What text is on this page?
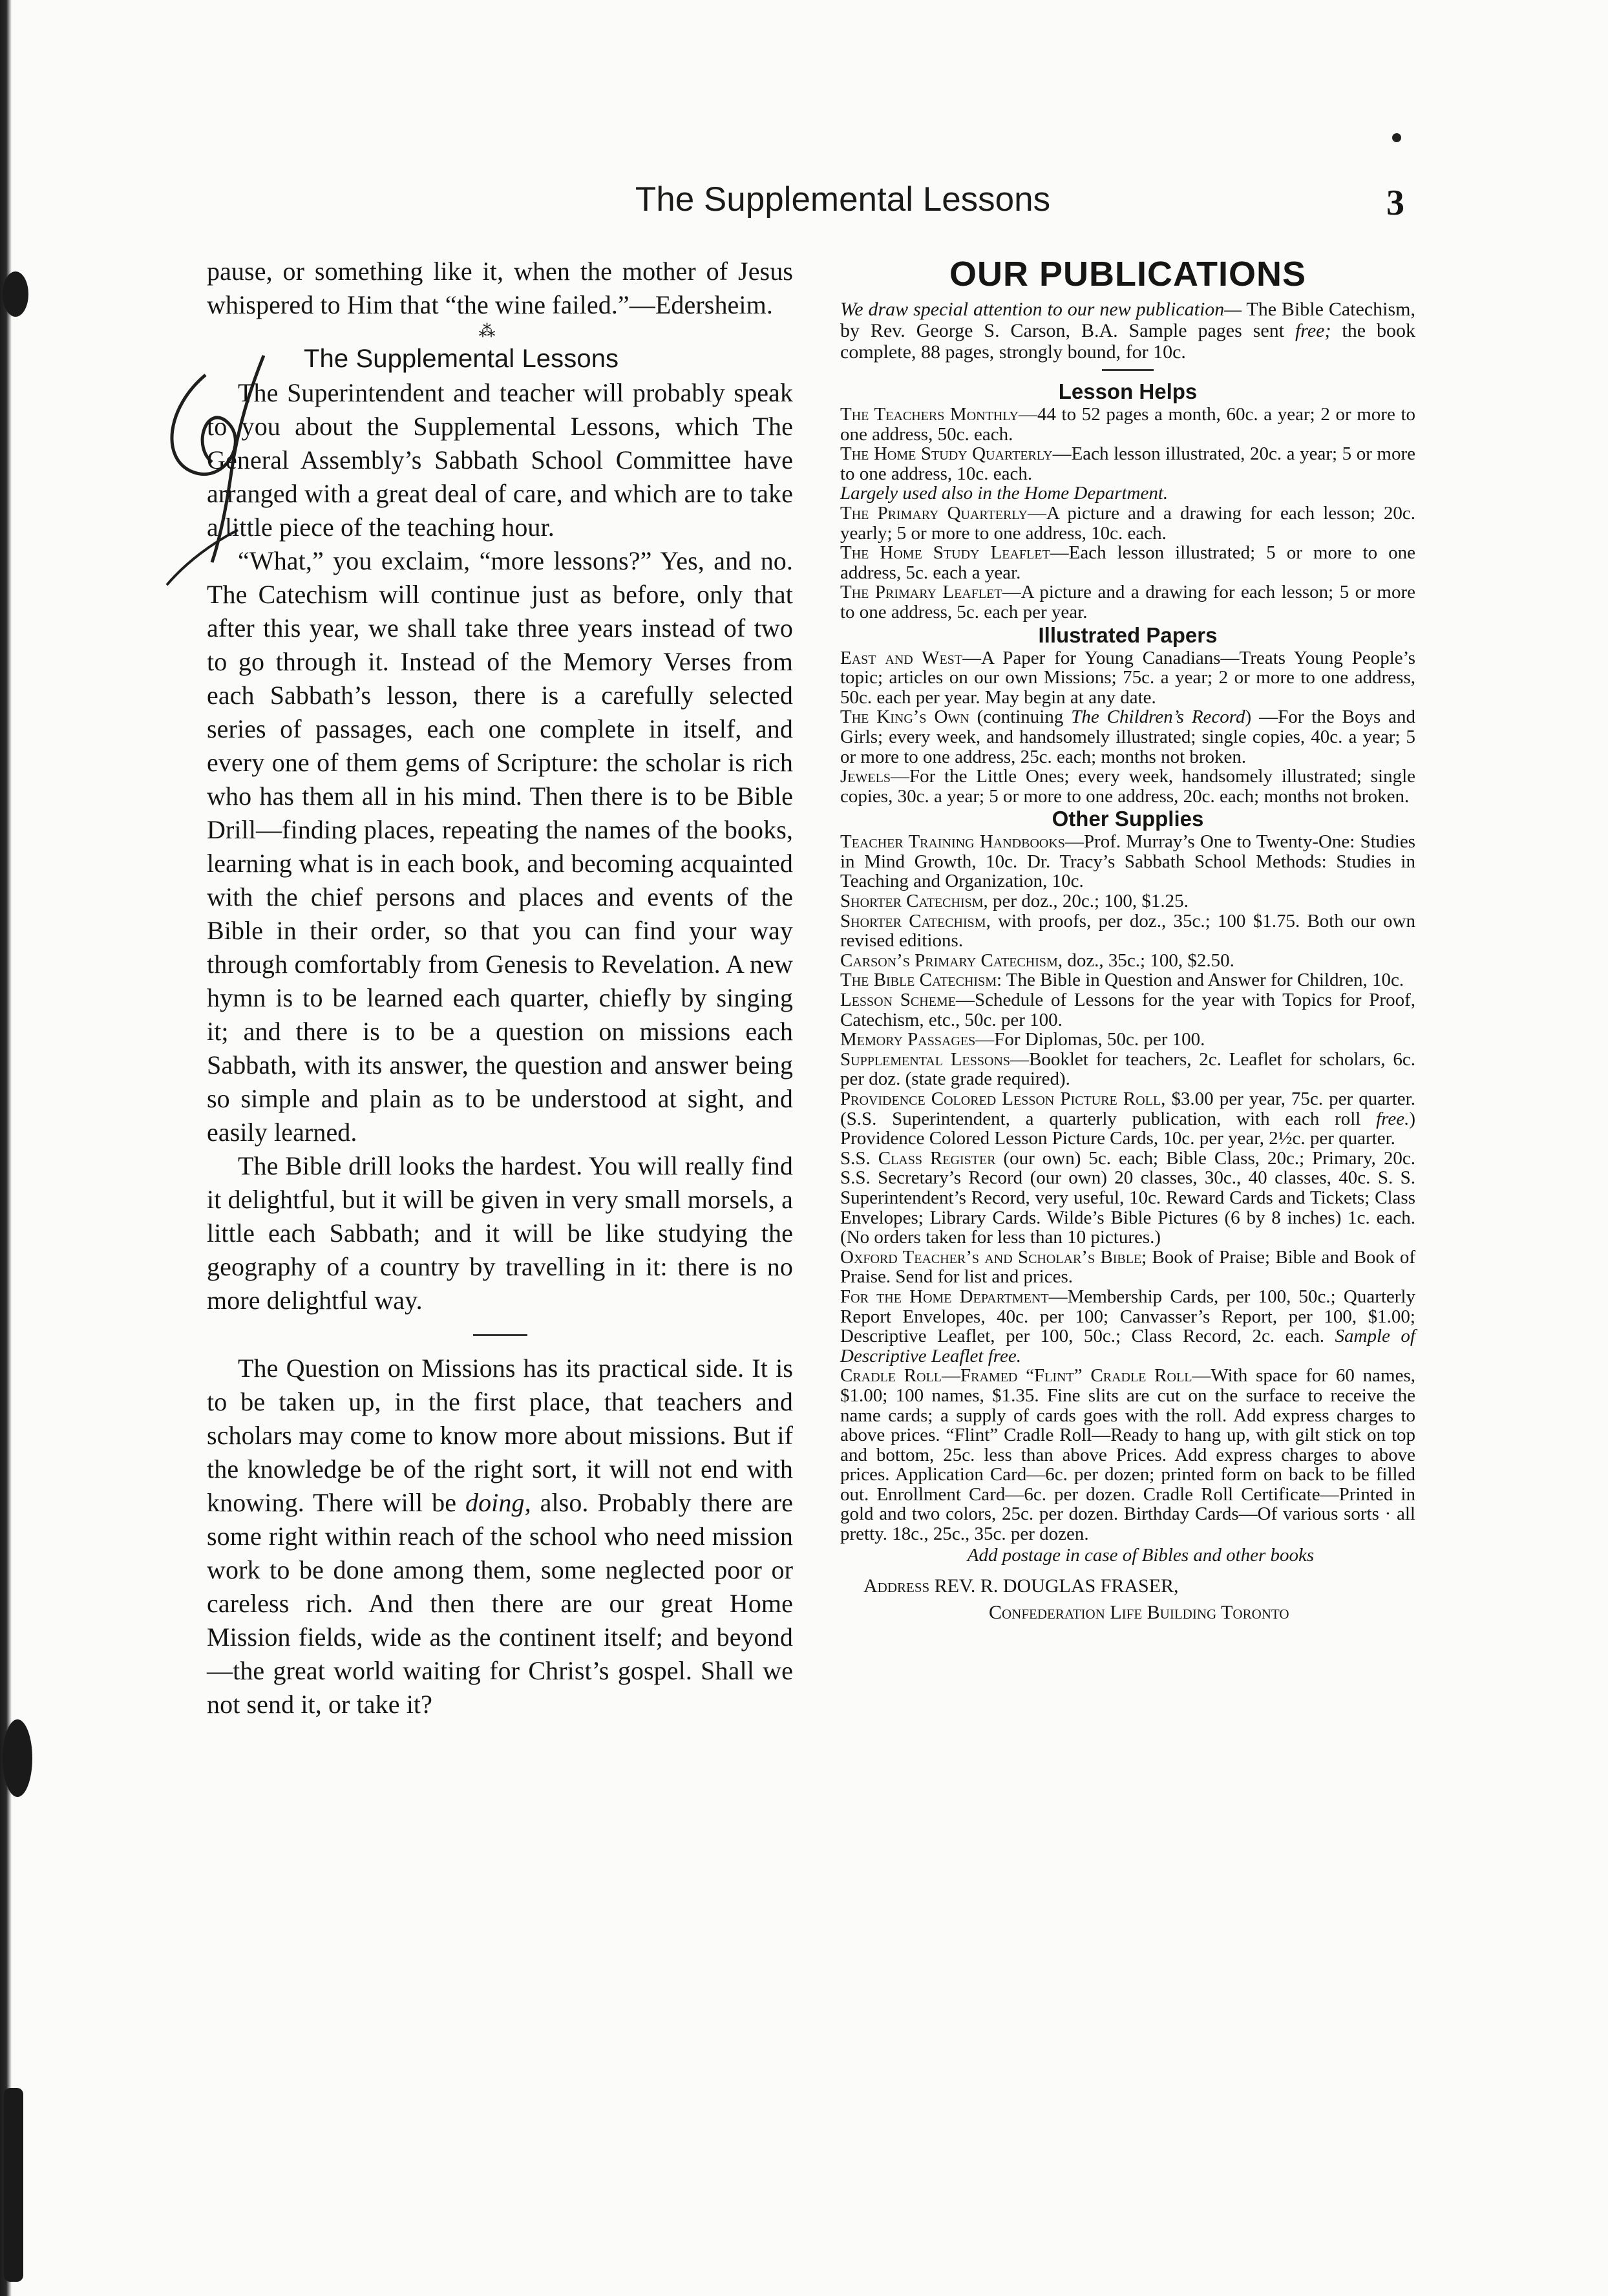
The Supplemental Lessons	3

pause, or something like it, when the mother of Jesus whispered to Him that “the wine failed.”—Edersheim.

⁂
The Supplemental Lessons

The Superintendent and teacher will probably speak to you about the Supplemental Lessons, which The General Assembly’s Sabbath School Committee have arranged with a great deal of care, and which are to take a little piece of the teaching hour.

“What,” you exclaim, “more lessons?” Yes, and no. The Catechism will continue just as before, only that after this year, we shall take three years instead of two to go through it. Instead of the Memory Verses from each Sabbath’s lesson, there is a carefully selected series of passages, each one complete in itself, and every one of them gems of Scripture: the scholar is rich who has them all in his mind. Then there is to be Bible Drill—finding places, repeating the names of the books, learning what is in each book, and becoming acquainted with the chief persons and places and events of the Bible in their order, so that you can find your way through comfortably from Genesis to Revelation. A new hymn is to be learned each quarter, chiefly by singing it; and there is to be a question on missions each Sabbath, with its answer, the question and answer being so simple and plain as to be understood at sight, and easily learned.

The Bible drill looks the hardest. You will really find it delightful, but it will be given in very small morsels, a little each Sabbath; and it will be like studying the geography of a country by travelling in it: there is no more delightful way.

The Question on Missions has its practical side. It is to be taken up, in the first place, that teachers and scholars may come to know more about missions. But if the knowledge be of the right sort, it will not end with knowing. There will be doing, also. Probably there are some right within reach of the school who need mission work to be done among them, some neglected poor or careless rich. And then there are our great Home Mission fields, wide as the continent itself; and beyond—the great world waiting for Christ’s gospel. Shall we not send it, or take it?

OUR PUBLICATIONS
We draw special attention to our new publication— The Bible Catechism, by Rev. George S. Carson, B.A. Sample pages sent free; the book complete, 88 pages, strongly bound, for 10c.
Lesson Helps
The Teachers Monthly—44 to 52 pages a month, 60c. a year; 2 or more to one address, 50c. each.
The Home Study Quarterly—Each lesson illustrated, 20c. a year; 5 or more to one address, 10c. each.
Largely used also in the Home Department.
The Primary Quarterly—A picture and a drawing for each lesson; 20c. yearly; 5 or more to one address, 10c. each.
The Home Study Leaflet—Each lesson illustrated; 5 or more to one address, 5c. each a year.
The Primary Leaflet—A picture and a drawing for each lesson; 5 or more to one address, 5c. each per year.
Illustrated Papers
East and West—A Paper for Young Canadians—Treats Young People’s topic; articles on our own Missions; 75c. a year; 2 or more to one address, 50c. each per year. May begin at any date.
The King’s Own (continuing The Children’s Record) —For the Boys and Girls; every week, and handsomely illustrated; single copies, 40c. a year; 5 or more to one address, 25c. each; months not broken.
Jewels—For the Little Ones; every week, handsomely illustrated; single copies, 30c. a year; 5 or more to one address, 20c. each; months not broken.
Other Supplies
Teacher Training Handbooks—Prof. Murray’s One to Twenty-One: Studies in Mind Growth, 10c. Dr. Tracy’s Sabbath School Methods: Studies in Teaching and Organization, 10c.
Shorter Catechism, per doz., 20c.; 100, $1.25.
Shorter Catechism, with proofs, per doz., 35c.; 100 $1.75. Both our own revised editions.
Carson’s Primary Catechism, doz., 35c.; 100, $2.50.
The Bible Catechism: The Bible in Question and Answer for Children, 10c.
Lesson Scheme—Schedule of Lessons for the year with Topics for Proof, Catechism, etc., 50c. per 100.
Memory Passages—For Diplomas, 50c. per 100.
Supplemental Lessons—Booklet for teachers, 2c. Leaflet for scholars, 6c. per doz. (state grade required).
Providence Colored Lesson Picture Roll, $3.00 per year, 75c. per quarter. (S.S. Superintendent, a quarterly publication, with each roll free.) Providence Colored Lesson Picture Cards, 10c. per year, 2½c. per quarter.
S.S. Class Register (our own) 5c. each; Bible Class, 20c.; Primary, 20c. S.S. Secretary’s Record (our own) 20 classes, 30c., 40 classes, 40c. S. S. Superintendent’s Record, very useful, 10c. Reward Cards and Tickets; Class Envelopes; Library Cards. Wilde’s Bible Pictures (6 by 8 inches) 1c. each. (No orders taken for less than 10 pictures.)
Oxford Teacher’s and Scholar’s Bible; Book of Praise; Bible and Book of Praise. Send for list and prices.
For the Home Department—Membership Cards, per 100, 50c.; Quarterly Report Envelopes, 40c. per 100; Canvasser’s Report, per 100, $1.00; Descriptive Leaflet, per 100, 50c.; Class Record, 2c. each. Sample of Descriptive Leaflet free.
Cradle Roll—Framed “Flint” Cradle Roll—With space for 60 names, $1.00; 100 names, $1.35. Fine slits are cut on the surface to receive the name cards; a supply of cards goes with the roll. Add express charges to above prices. “Flint” Cradle Roll—Ready to hang up, with gilt stick on top and bottom, 25c. less than above Prices. Add express charges to above prices. Application Card—6c. per dozen; printed form on back to be filled out. Enrollment Card—6c. per dozen. Cradle Roll Certificate—Printed in gold and two colors, 25c. per dozen. Birthday Cards—Of various sorts · all pretty. 18c., 25c., 35c. per dozen.
Add postage in case of Bibles and other books
Address REV. R. DOUGLAS FRASER,
Confederation Life Building Toronto
